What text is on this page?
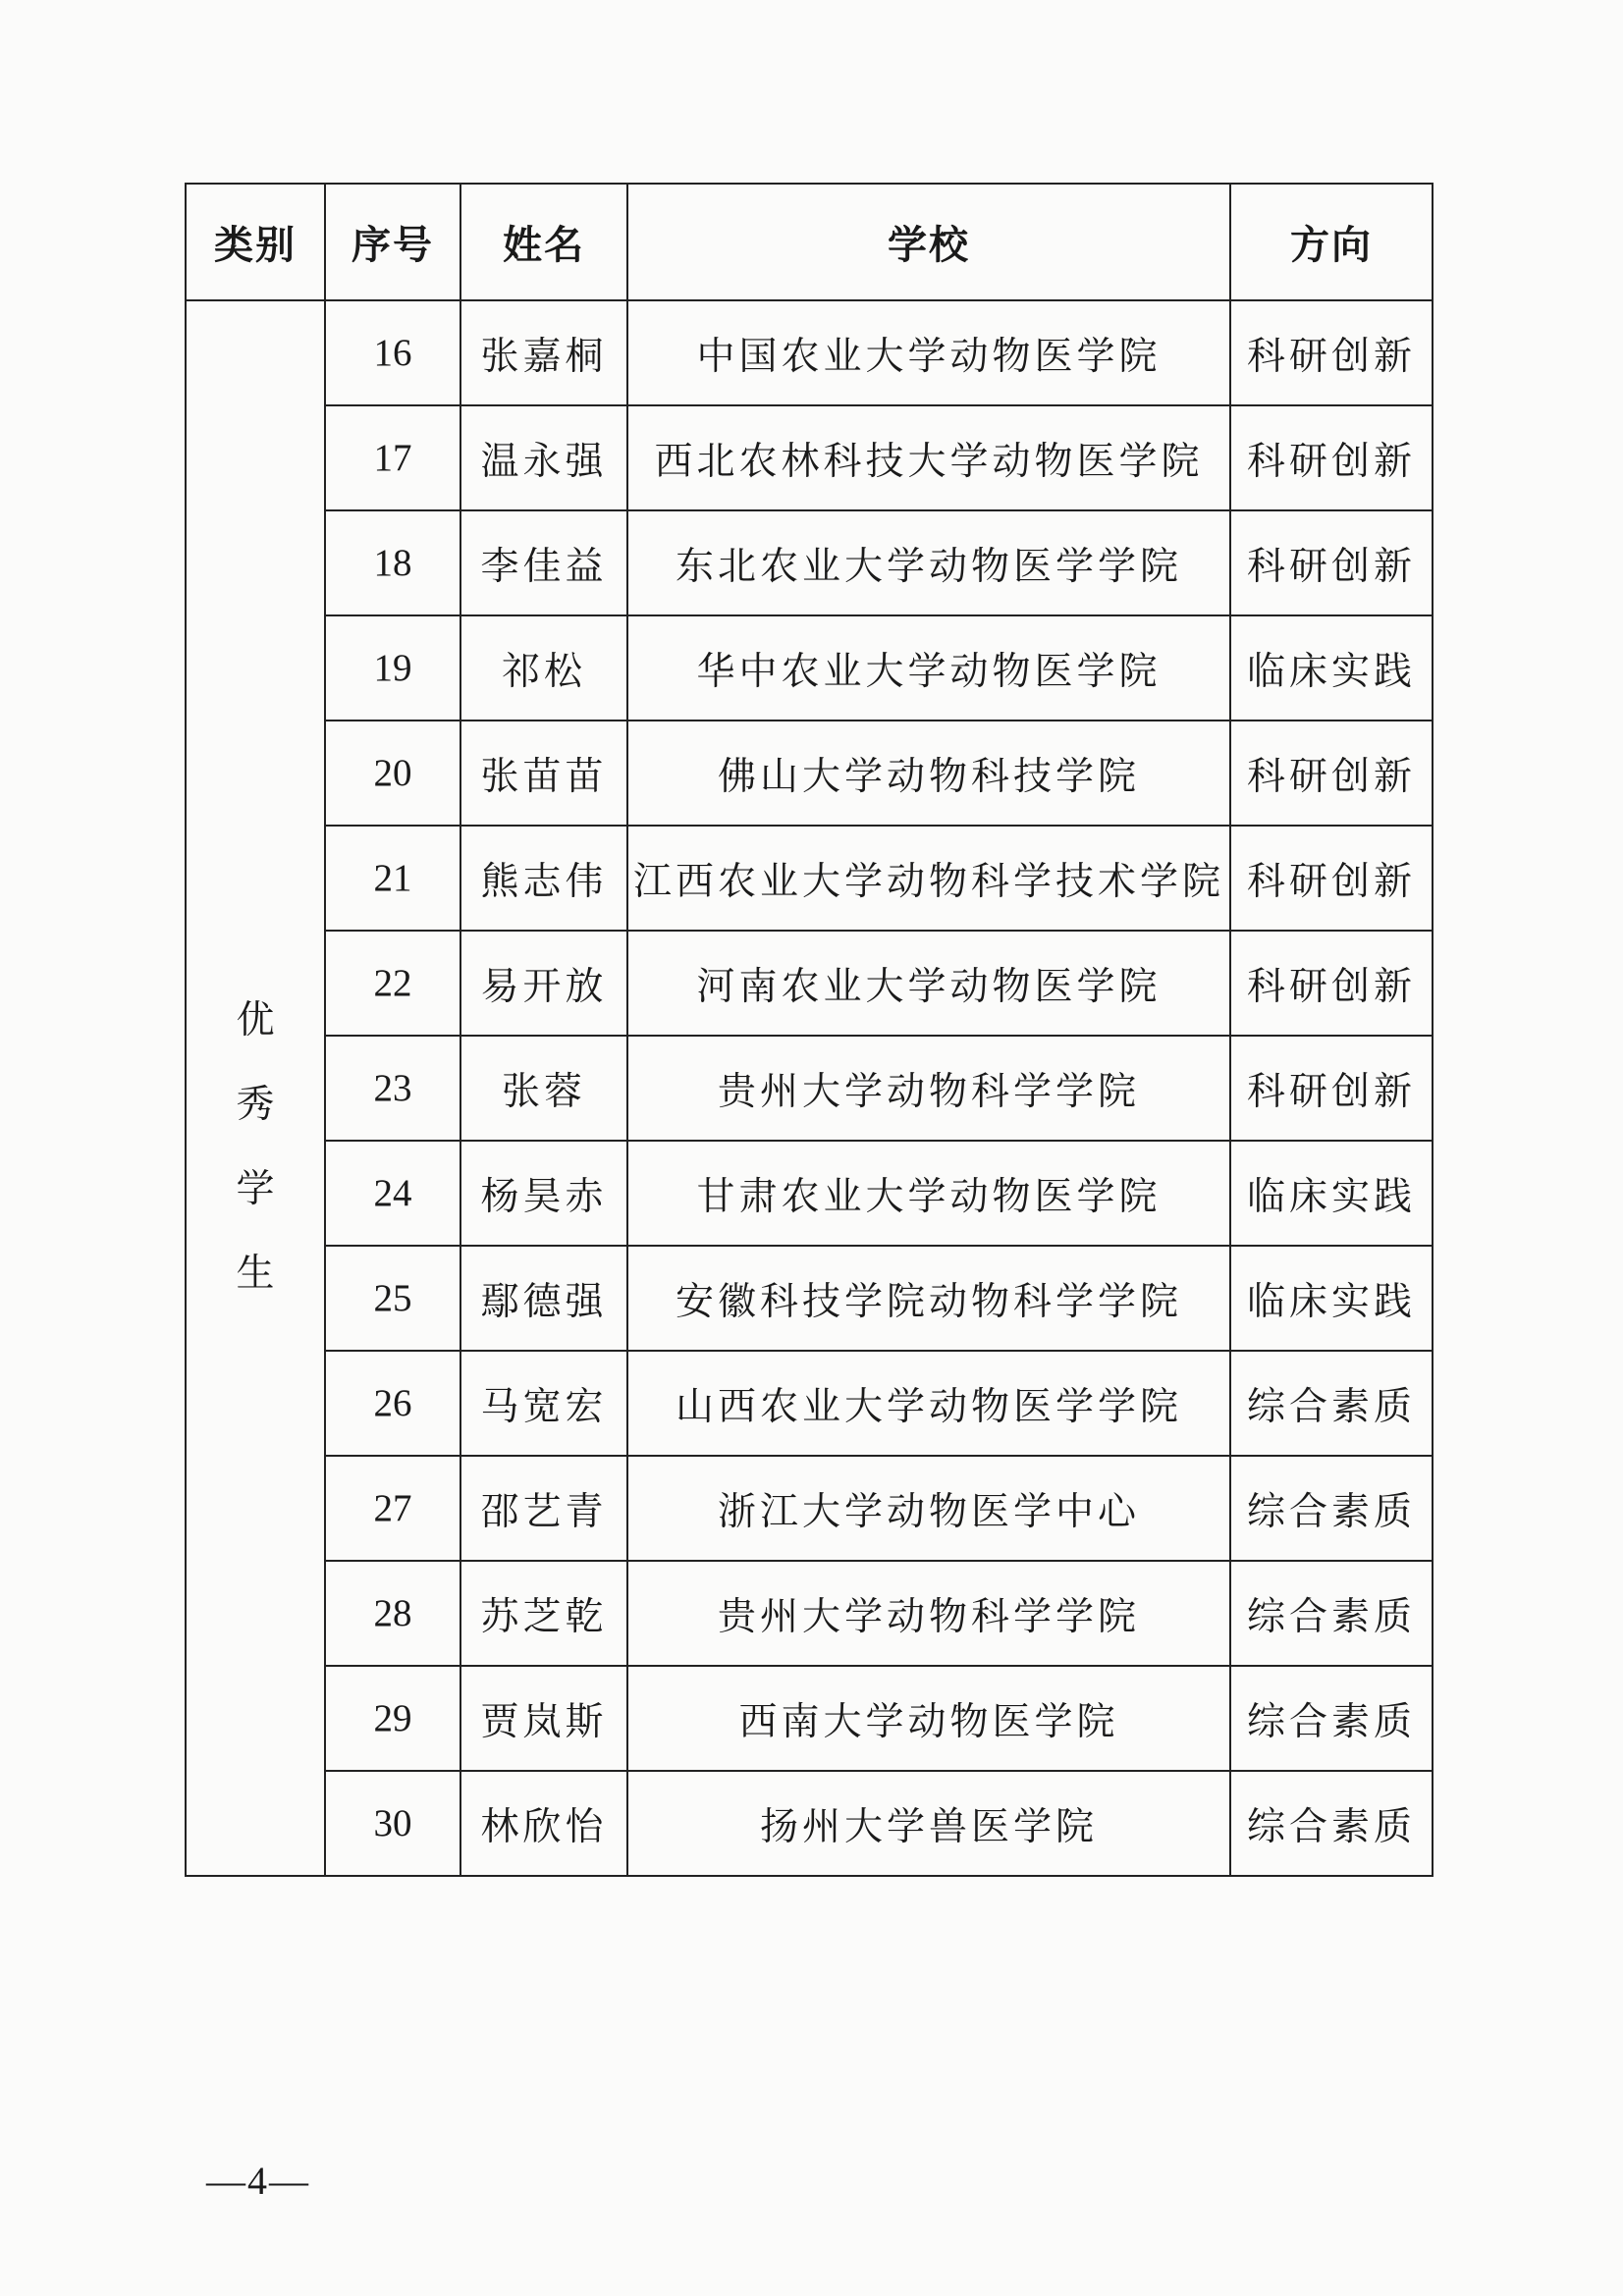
类别	序号	姓名	学校	方向
优秀学生	16	张嘉桐	中国农业大学动物医学院	科研创新
	17	温永强	西北农林科技大学动物医学院	科研创新
	18	李佳益	东北农业大学动物医学学院	科研创新
	19	祁松	华中农业大学动物医学院	临床实践
	20	张苗苗	佛山大学动物科技学院	科研创新
	21	熊志伟	江西农业大学动物科学技术学院	科研创新
	22	易开放	河南农业大学动物医学院	科研创新
	23	张蓉	贵州大学动物科学学院	科研创新
	24	杨昊赤	甘肃农业大学动物医学院	临床实践
	25	鄢德强	安徽科技学院动物科学学院	临床实践
	26	马宽宏	山西农业大学动物医学学院	综合素质
	27	邵艺青	浙江大学动物医学中心	综合素质
	28	苏芝乾	贵州大学动物科学学院	综合素质
	29	贾岚斯	西南大学动物医学院	综合素质
	30	林欣怡	扬州大学兽医学院	综合素质
—4—
